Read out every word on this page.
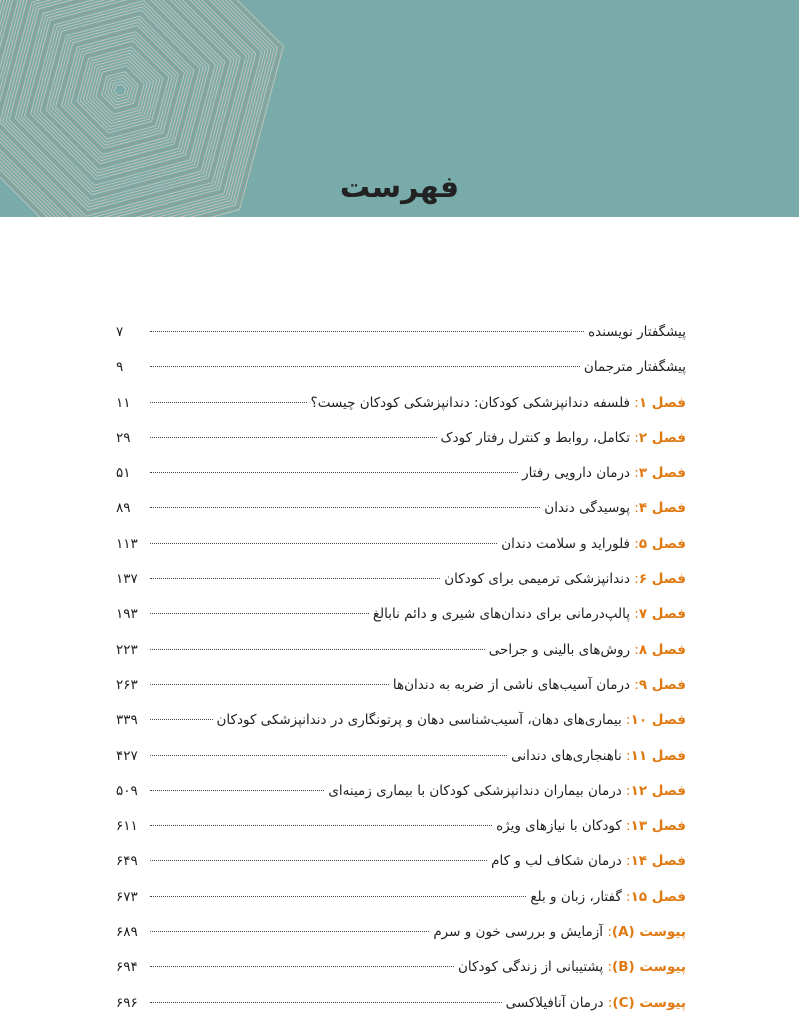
فهرست
پیشگفتار نویسنده
۷
پیشگفتار مترجمان
۹
فصل ۱
:
فلسفه دندانپزشکی کودکان: دندانپزشکی کودکان چیست؟
۱۱
فصل ۲
:
تکامل، روابط و کنترل رفتار کودک
۲۹
فصل ۳
:
درمان دارویی رفتار
۵۱
فصل ۴
:
پوسیدگی دندان
۸۹
فصل ۵
:
فلوراید و سلامت دندان
۱۱۳
فصل ۶
:
دندانپزشکی ترمیمی برای کودکان
۱۳۷
فصل ۷
:
پالپ‌درمانی برای دندان‌های شیری و دائم نابالغ
۱۹۳
فصل ۸
:
روش‌های بالینی و جراحی
۲۲۳
فصل ۹
:
درمان آسیب‌های ناشی از ضربه به دندان‌ها
۲۶۳
فصل ۱۰
:
بیماری‌های دهان، آسیب‌شناسی دهان و پرتونگاری در دندانپزشکی کودکان
۳۳۹
فصل ۱۱
:
ناهنجاری‌های دندانی
۴۲۷
فصل ۱۲
:
درمان بیماران دندانپزشکی کودکان با بیماری زمینه‌ای
۵۰۹
فصل ۱۳
:
کودکان با نیازهای ویژه
۶۱۱
فصل ۱۴
:
درمان شکاف لب و کام
۶۴۹
فصل ۱۵
:
گفتار، زبان و بلع
۶۷۳
پیوست (A)
:
آزمایش و بررسی خون و سرم
۶۸۹
پیوست (B)
:
پشتیبانی از زندگی کودکان
۶۹۴
پیوست (C)
:
درمان آنافیلاکسی
۶۹۶
